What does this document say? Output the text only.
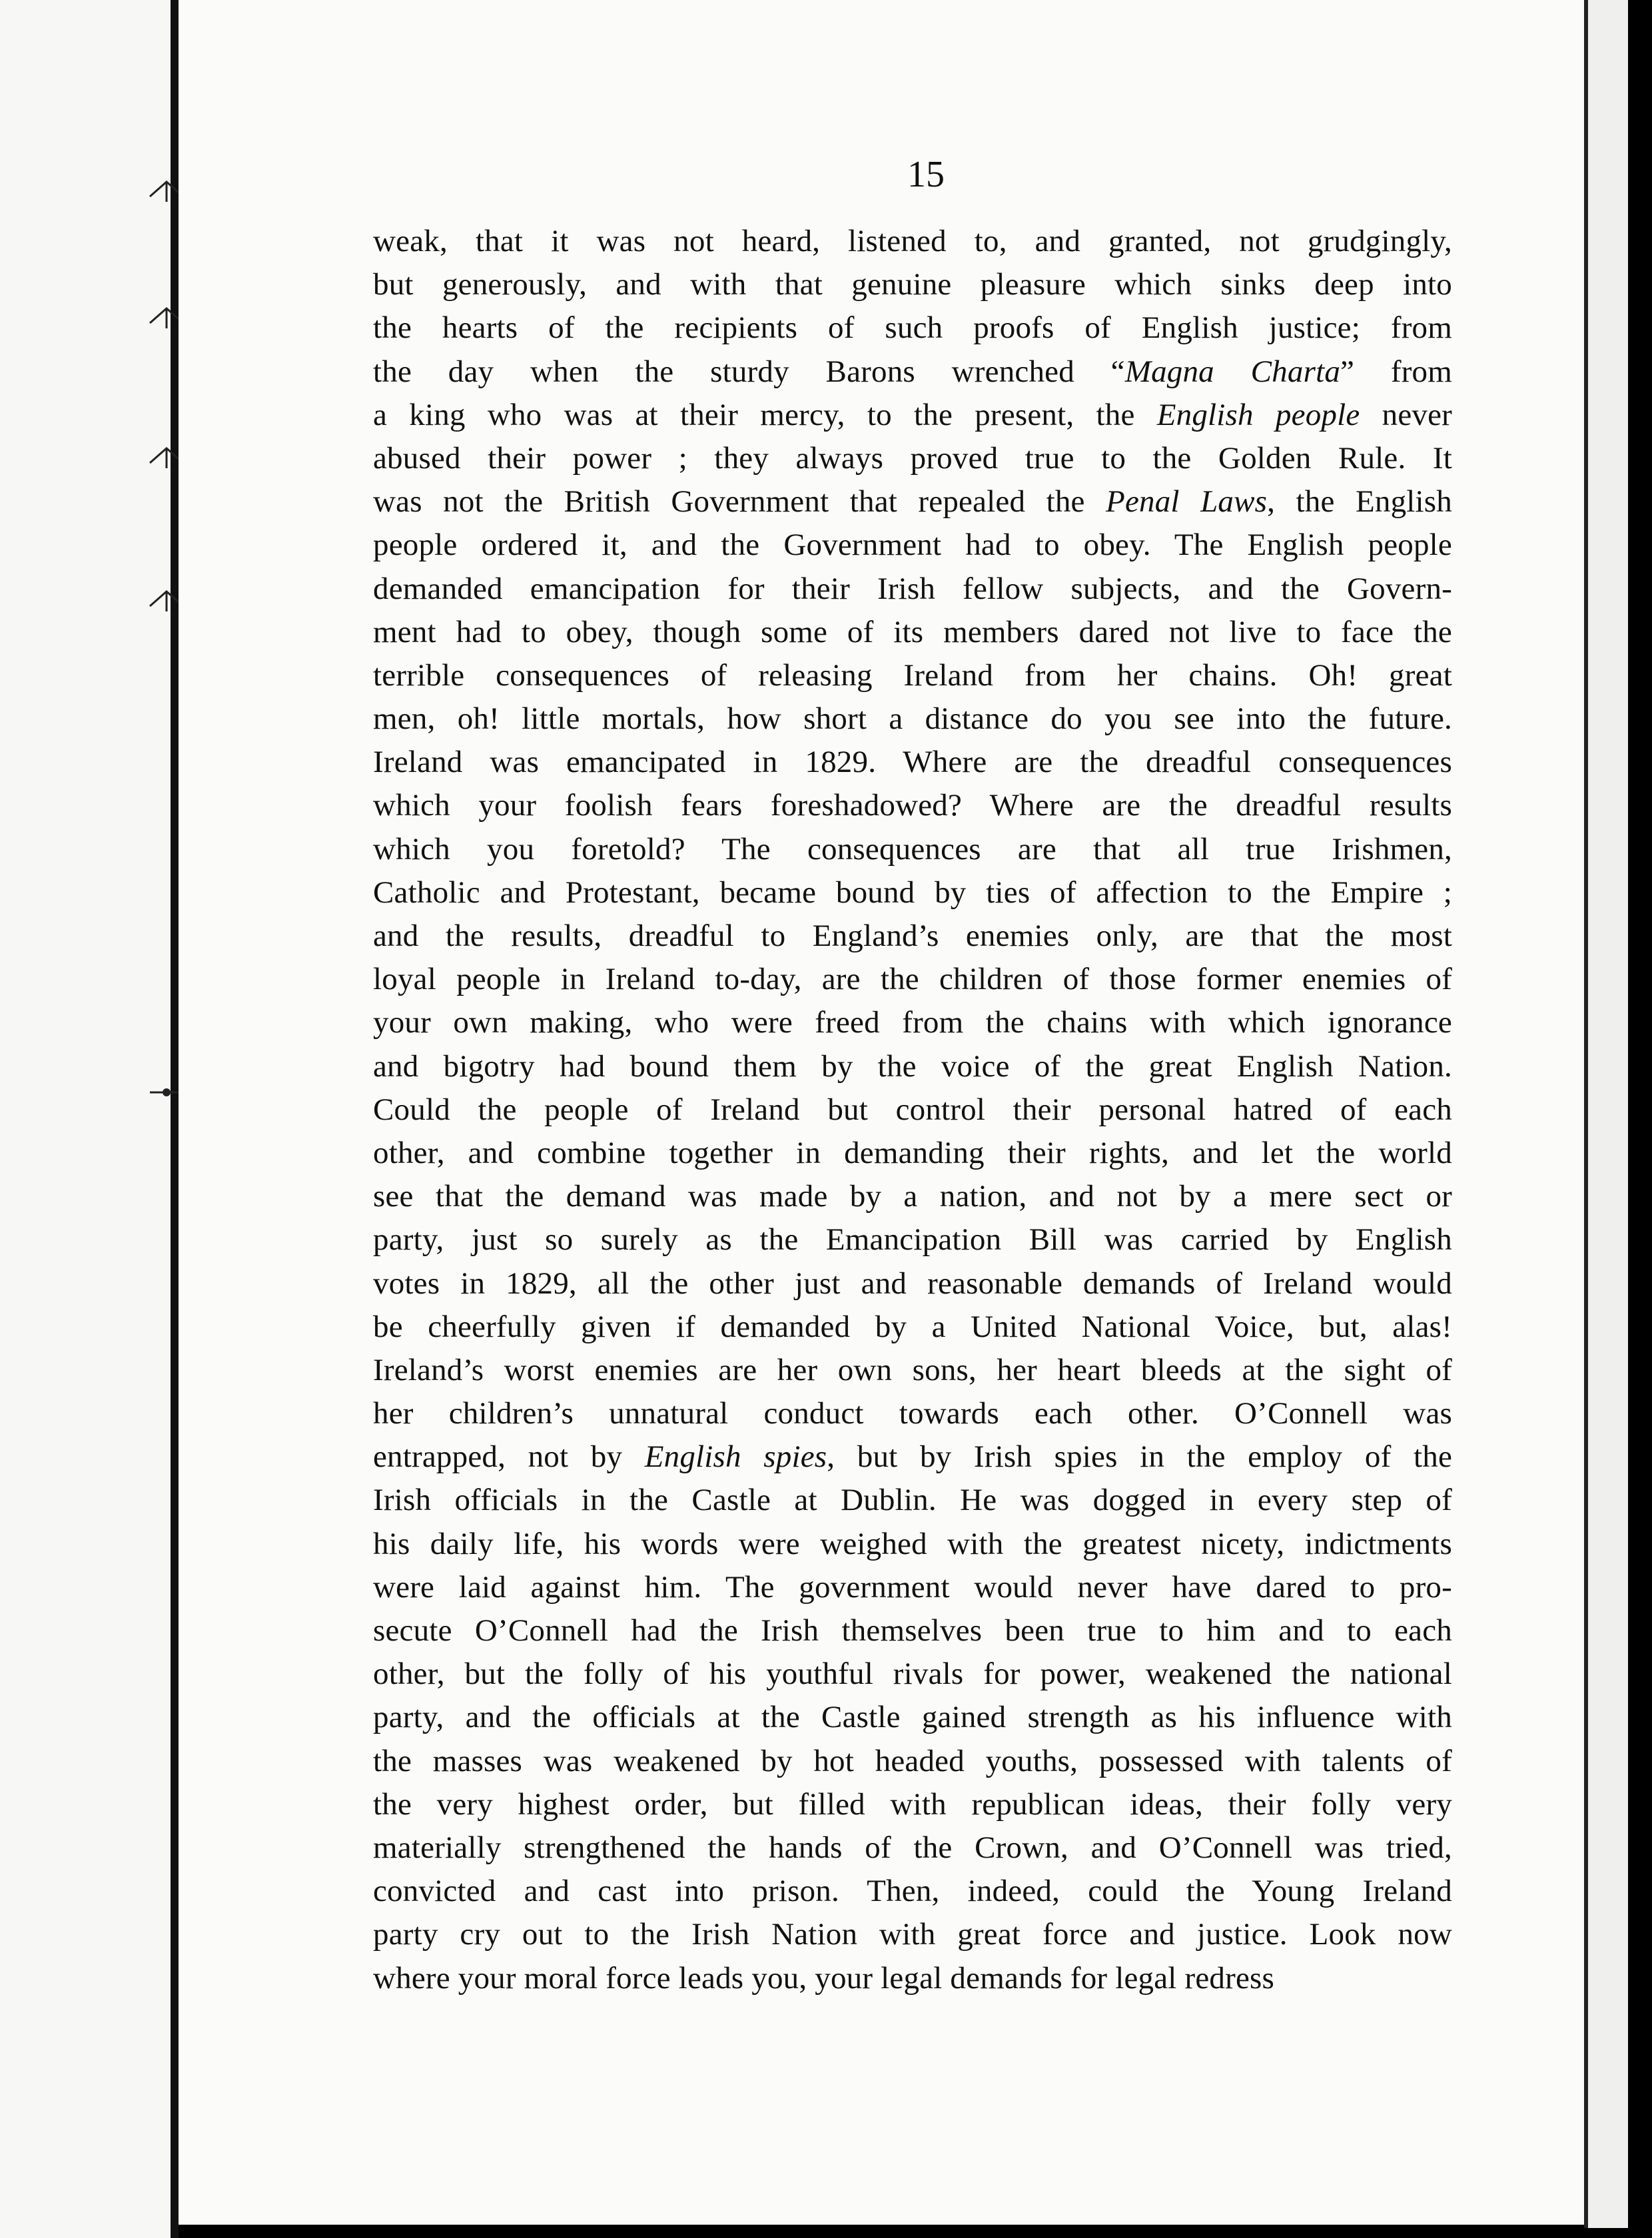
15
weak, that it was not heard, listened to, and granted, not grudgingly,
but generously, and with that genuine pleasure which sinks deep into
the hearts of the recipients of such proofs of English justice; from
the day when the sturdy Barons wrenched “Magna Charta” from
a king who was at their mercy, to the present, the English people never
abused their power ; they always proved true to the Golden Rule. It
was not the British Government that repealed the Penal Laws, the English
people ordered it, and the Government had to obey. The English people
demanded emancipation for their Irish fellow subjects, and the Govern-
ment had to obey, though some of its members dared not live to face the
terrible consequences of releasing Ireland from her chains. Oh! great
men, oh! little mortals, how short a distance do you see into the future.
Ireland was emancipated in 1829. Where are the dreadful consequences
which your foolish fears foreshadowed? Where are the dreadful results
which you foretold? The consequences are that all true Irishmen,
Catholic and Protestant, became bound by ties of affection to the Empire ;
and the results, dreadful to England’s enemies only, are that the most
loyal people in Ireland to-day, are the children of those former enemies of
your own making, who were freed from the chains with which ignorance
and bigotry had bound them by the voice of the great English Nation.
Could the people of Ireland but control their personal hatred of each
other, and combine together in demanding their rights, and let the world
see that the demand was made by a nation, and not by a mere sect or
party, just so surely as the Emancipation Bill was carried by English
votes in 1829, all the other just and reasonable demands of Ireland would
be cheerfully given if demanded by a United National Voice, but, alas!
Ireland’s worst enemies are her own sons, her heart bleeds at the sight of
her children’s unnatural conduct towards each other. O’Connell was
entrapped, not by English spies, but by Irish spies in the employ of the
Irish officials in the Castle at Dublin. He was dogged in every step of
his daily life, his words were weighed with the greatest nicety, indictments
were laid against him. The government would never have dared to pro-
secute O’Connell had the Irish themselves been true to him and to each
other, but the folly of his youthful rivals for power, weakened the national
party, and the officials at the Castle gained strength as his influence with
the masses was weakened by hot headed youths, possessed with talents of
the very highest order, but filled with republican ideas, their folly very
materially strengthened the hands of the Crown, and O’Connell was tried,
convicted and cast into prison. Then, indeed, could the Young Ireland
party cry out to the Irish Nation with great force and justice. Look now
where your moral force leads you, your legal demands for legal redress
